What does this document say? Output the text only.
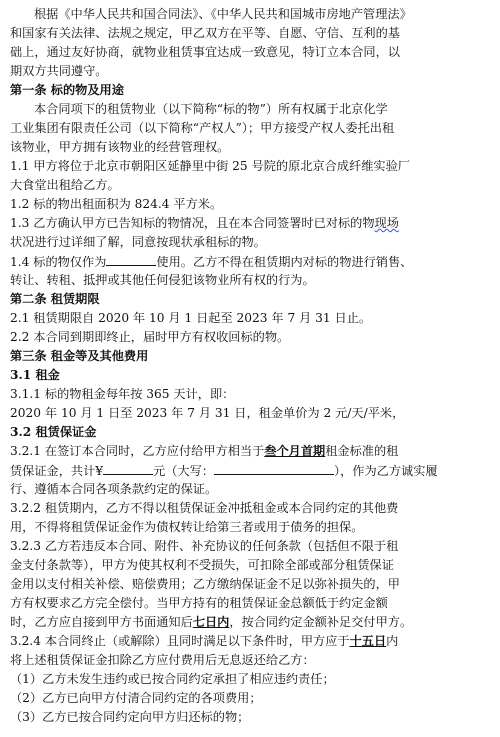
根据《中华人民共和国合同法》、《中华人民共和国城市房地产管理法》
和国家有关法律、法规之规定，甲乙双方在平等、自愿、守信、互利的基
础上，通过友好协商，就物业租赁事宜达成一致意见，特订立本合同，以
期双方共同遵守。
第一条 标的物及用途
本合同项下的租赁物业（以下简称“标的物”）所有权属于北京化学
工业集团有限责任公司（以下简称“产权人”）；甲方接受产权人委托出租
该物业，甲方拥有该物业的经营管理权。
1.1 甲方将位于北京市朝阳区延静里中街 25 号院的原北京合成纤维实验厂
大食堂出租给乙方。
1.2 标的物出租面积为 824.4 平方米。
1.3 乙方确认甲方已告知标的物情况，且在本合同签署时已对标的物现场
状况进行过详细了解，同意按现状承租标的物。
1.4 标的物仅作为	使用。乙方不得在租赁期内对标的物进行销售、
转让、转租、抵押或其他任何侵犯该物业所有权的行为。
第二条 租赁期限
2.1 租赁期限自 2020 年 10 月 1 日起至 2023 年 7 月 31 日止。
2.2 本合同到期即终止，届时甲方有权收回标的物。
第三条 租金等及其他费用
3.1 租金
3.1.1 标的物租金每年按 365 天计，即：
2020 年 10 月 1 日至 2023 年 7 月 31 日，租金单价为 2 元/天/平米，
3.2 租赁保证金
3.2.1 在签订本合同时，乙方应付给甲方相当于叁个月首期租金标准的租
赁保证金，共计¥	元（大写：	），作为乙方诚实履
行、遵循本合同各项条款约定的保证。
3.2.2 租赁期内，乙方不得以租赁保证金冲抵租金或本合同约定的其他费
用，不得将租赁保证金作为债权转让给第三者或用于债务的担保。
3.2.3 乙方若违反本合同、附件、补充协议的任何条款（包括但不限于租
金支付条款等），甲方为使其权利不受损失，可扣除全部或部分租赁保证
金用以支付相关补偿、赔偿费用；乙方缴纳保证金不足以弥补损失的，甲
方有权要求乙方完全偿付。当甲方持有的租赁保证金总额低于约定金额
时，乙方应自接到甲方书面通知后七日内，按合同约定金额补足交付甲方。
3.2.4 本合同终止（或解除）且同时满足以下条件时，甲方应于十五日内
将上述租赁保证金扣除乙方应付费用后无息返还给乙方：
（1）乙方未发生违约或已按合同约定承担了相应违约责任；
（2）乙方已向甲方付清合同约定的各项费用；
（3）乙方已按合同约定向甲方归还标的物；
